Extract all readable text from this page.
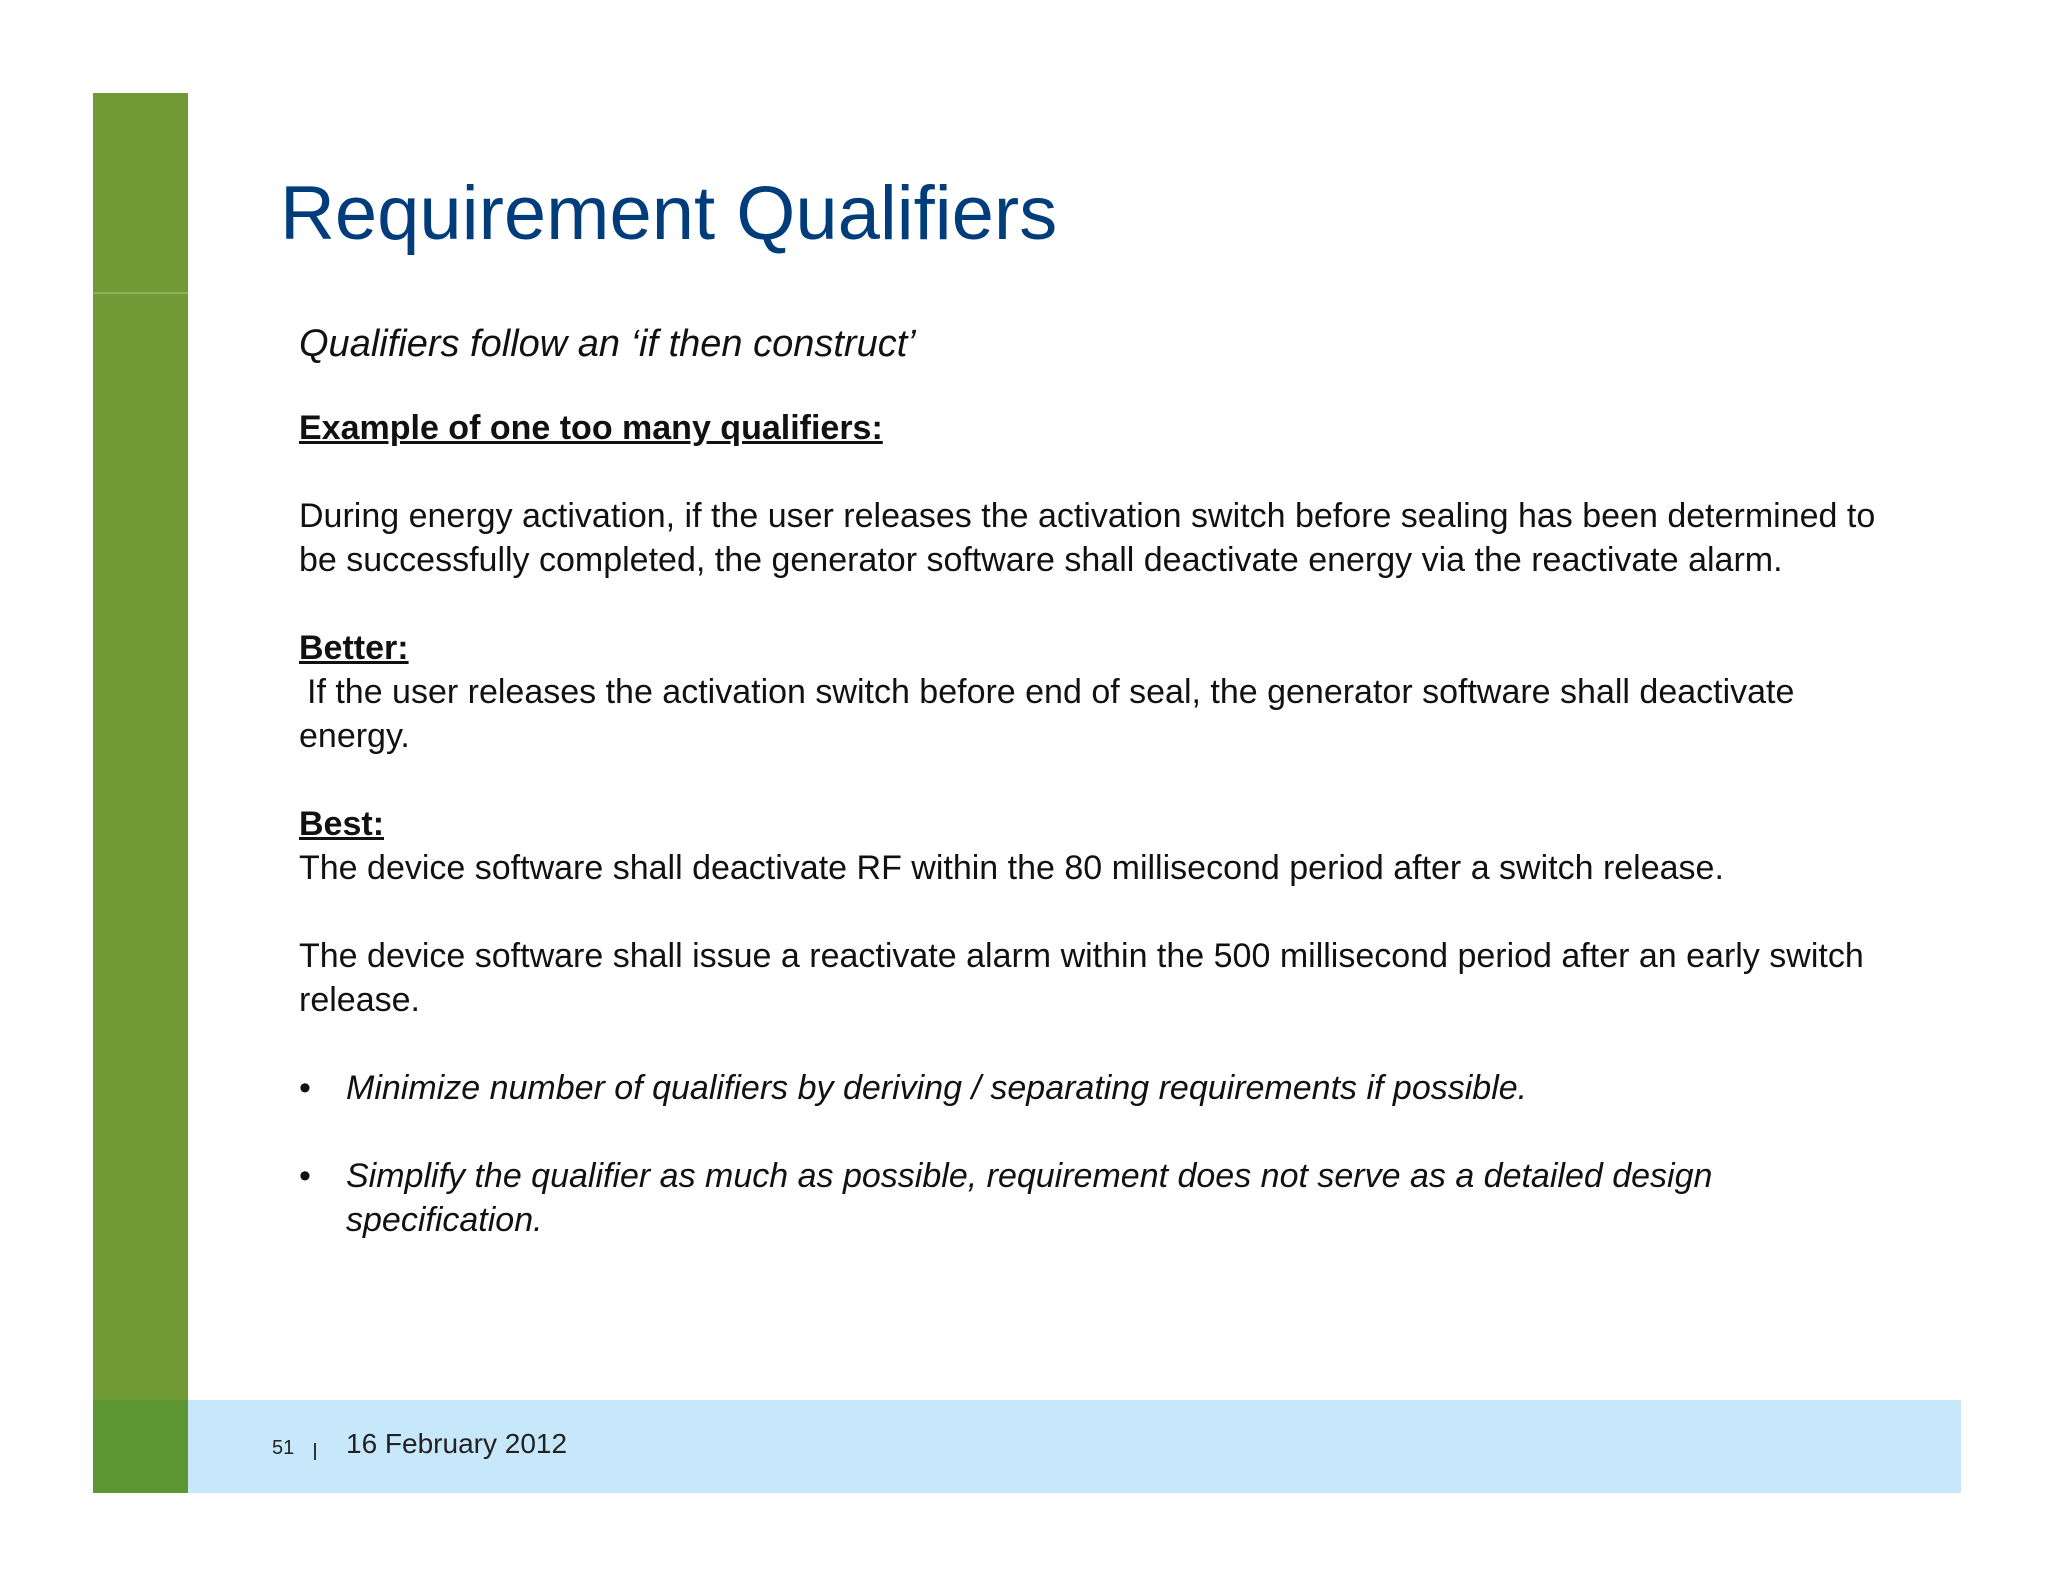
Requirement Qualifiers

Qualifiers follow an ‘if then construct’

Example of one too many qualifiers:

During energy activation, if the user releases the activation switch before sealing has been determined to be successfully completed, the generator software shall deactivate energy via the reactivate alarm.

Better:

If the user releases the activation switch before end of seal, the generator software shall deactivate energy.

Best:

The device software shall deactivate RF within the 80 millisecond period after a switch release.

The device software shall issue a reactivate alarm within the 500 millisecond period after an early switch release.

• Minimize number of qualifiers by deriving / separating requirements if possible.
• Simplify the qualifier as much as possible, requirement does not serve as a detailed design specification.
51 16 February 2012
